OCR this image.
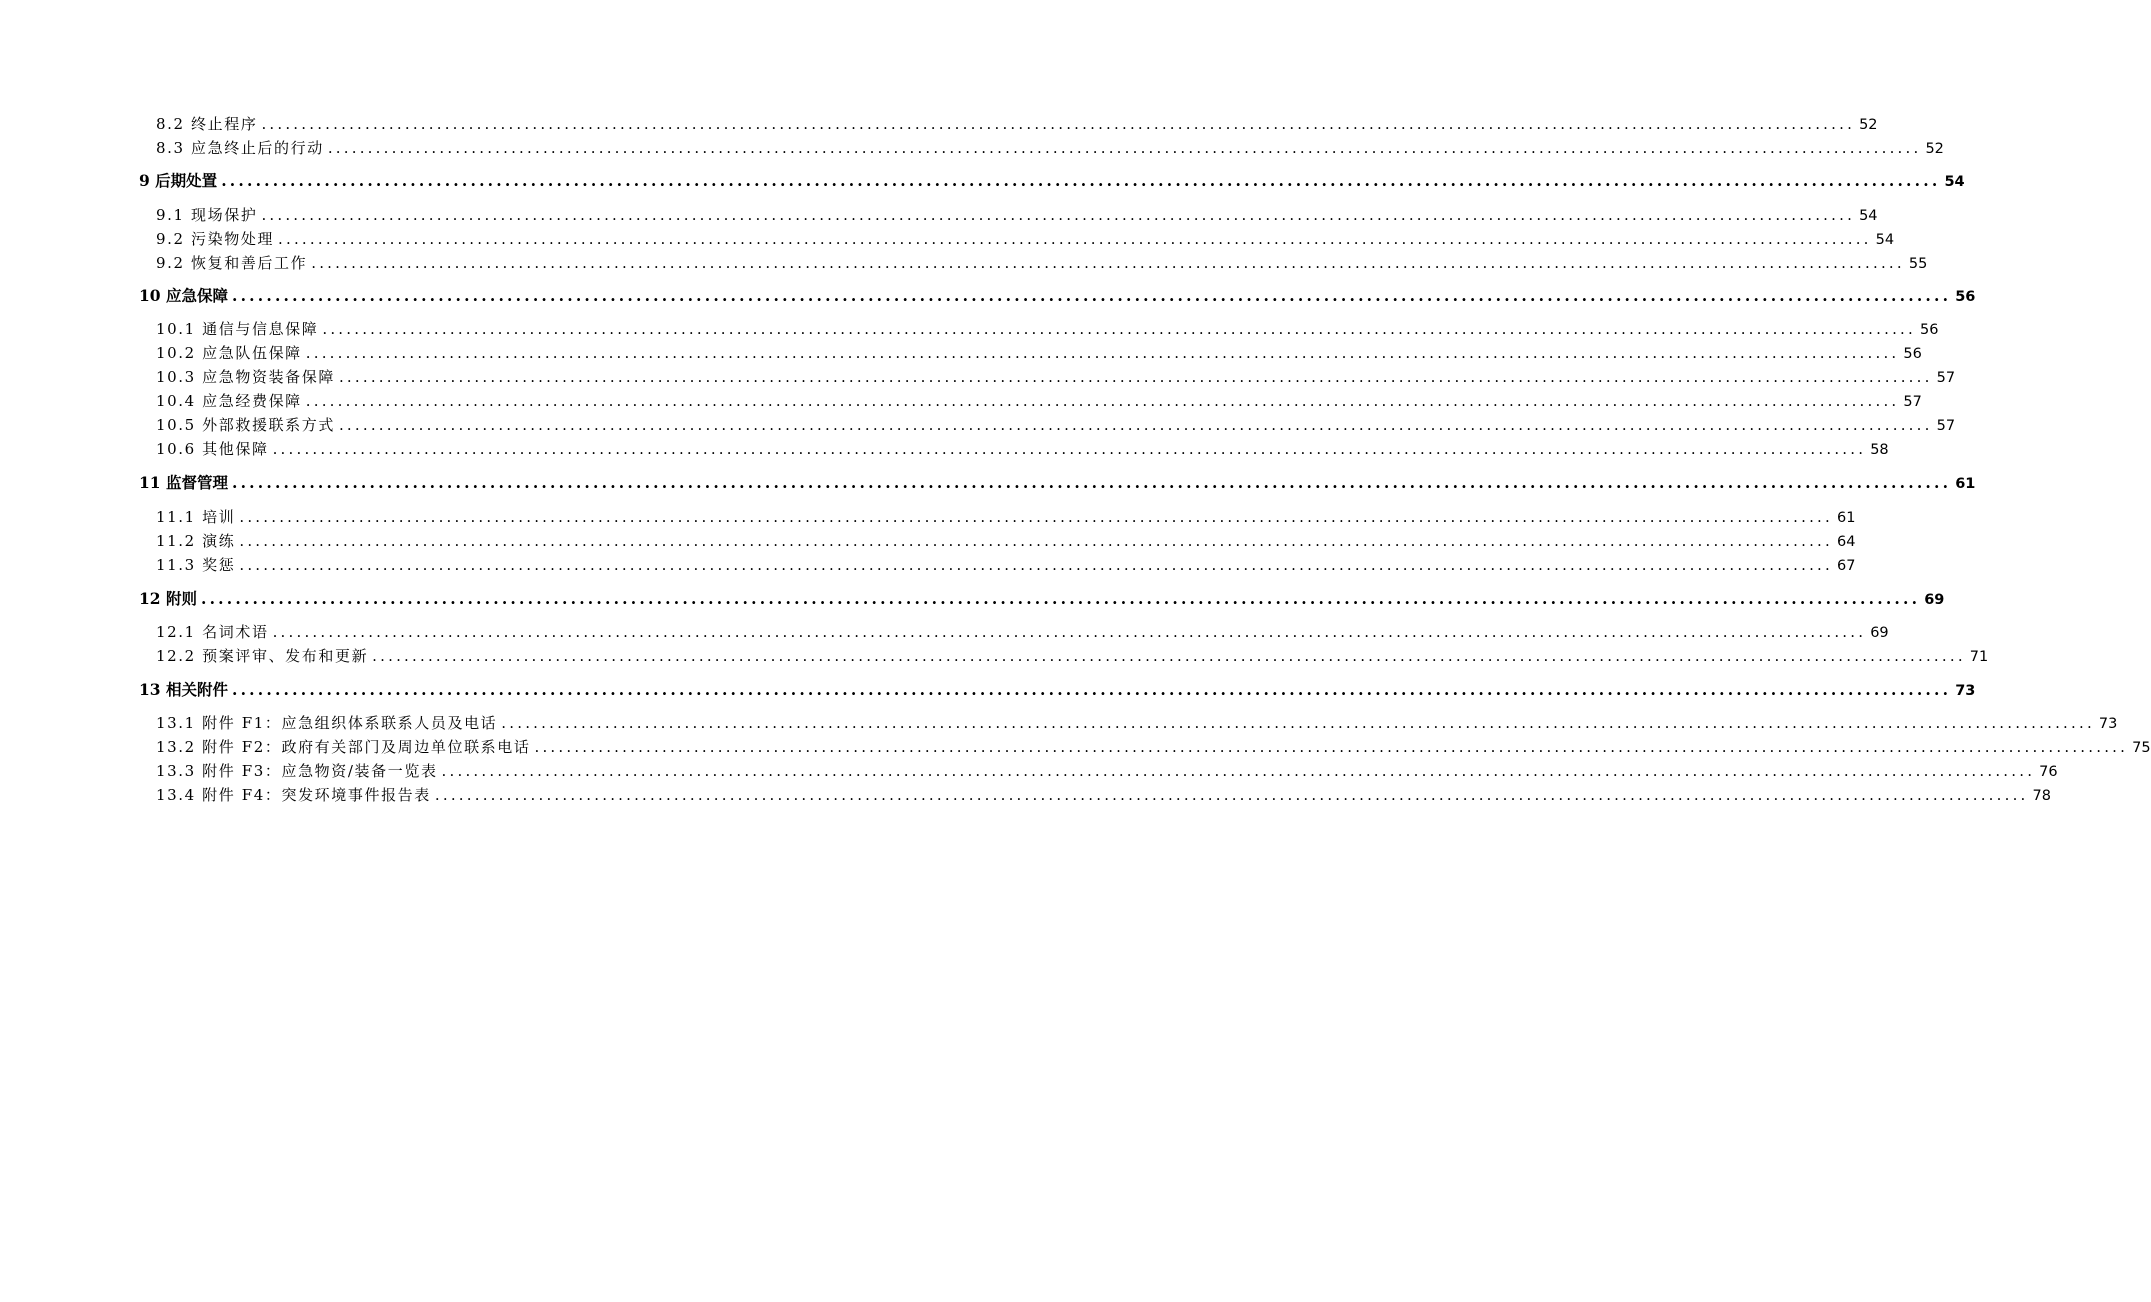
8.2 终止程序 ........................................................................................................................................................................................................ 52
8.3 应急终止后的行动 ........................................................................................................................................................................................................ 52
9 后期处置 ........................................................................................................................................................................................................ 54
9.1 现场保护 ........................................................................................................................................................................................................ 54
9.2 污染物处理 ........................................................................................................................................................................................................ 54
9.2 恢复和善后工作 ........................................................................................................................................................................................................ 55
10 应急保障 ........................................................................................................................................................................................................ 56
10.1 通信与信息保障 ........................................................................................................................................................................................................ 56
10.2 应急队伍保障 ........................................................................................................................................................................................................ 56
10.3 应急物资装备保障 ........................................................................................................................................................................................................ 57
10.4 应急经费保障 ........................................................................................................................................................................................................ 57
10.5 外部救援联系方式 ........................................................................................................................................................................................................ 57
10.6 其他保障 ........................................................................................................................................................................................................ 58
11 监督管理 ........................................................................................................................................................................................................ 61
11.1 培训 ........................................................................................................................................................................................................ 61
11.2 演练 ........................................................................................................................................................................................................ 64
11.3 奖惩 ........................................................................................................................................................................................................ 67
12 附则 ........................................................................................................................................................................................................ 69
12.1 名词术语 ........................................................................................................................................................................................................ 69
12.2 预案评审、发布和更新 ........................................................................................................................................................................................................ 71
13 相关附件 ........................................................................................................................................................................................................ 73
13.1 附件 F1：应急组织体系联系人员及电话 ........................................................................................................................................................................................................ 73
13.2 附件 F2：政府有关部门及周边单位联系电话 ........................................................................................................................................................................................................ 75
13.3 附件 F3：应急物资/装备一览表 ........................................................................................................................................................................................................ 76
13.4 附件 F4：突发环境事件报告表 ........................................................................................................................................................................................................ 78
